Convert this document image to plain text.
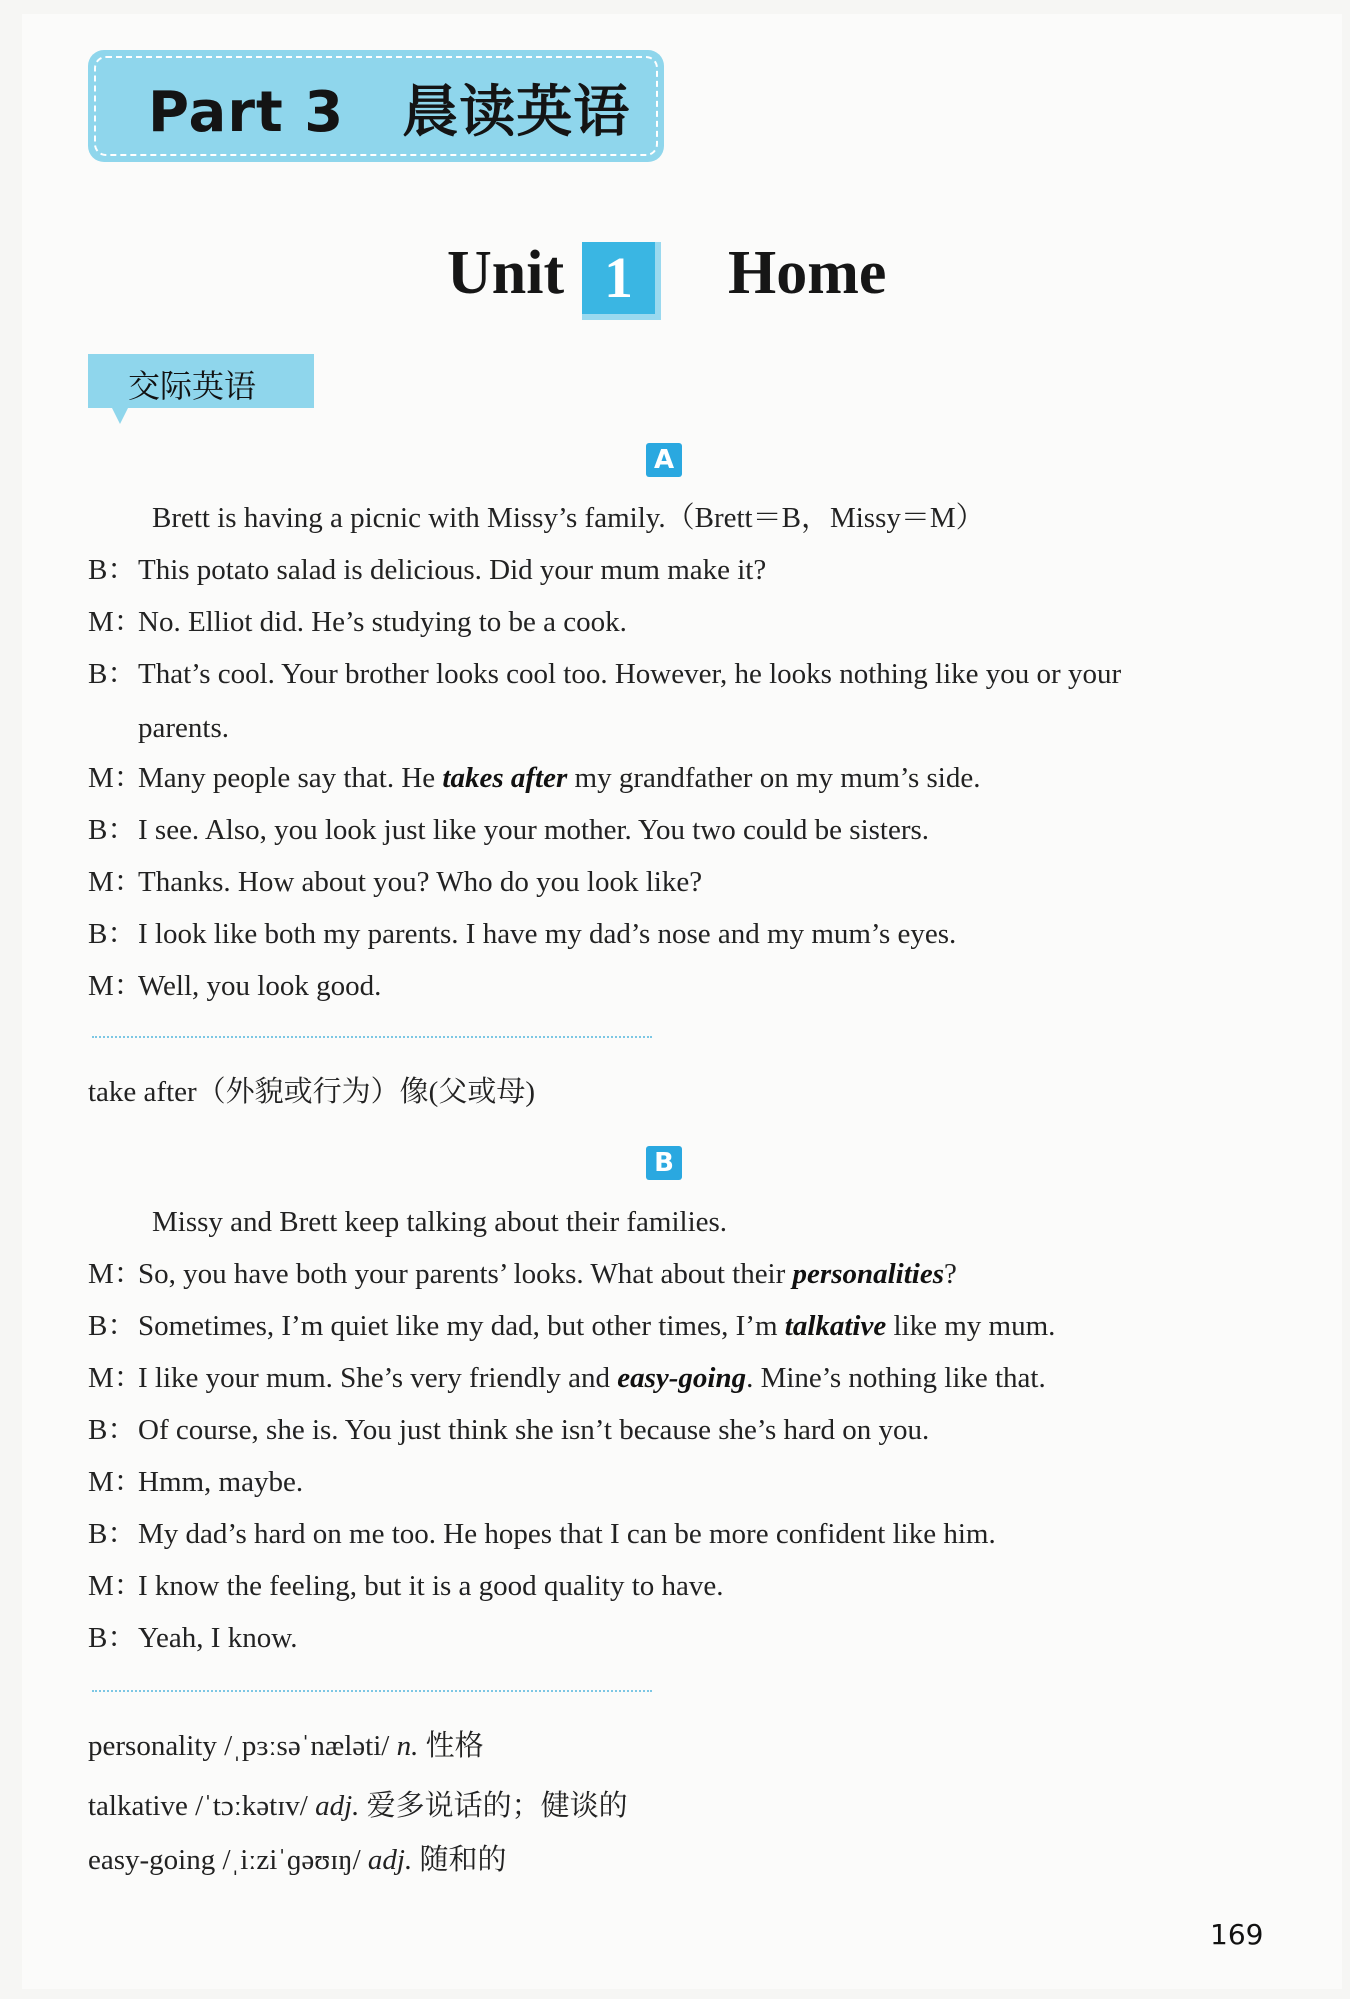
Part 3 晨读英语
Unit 1	Home
交际英语
A
Brett is having a picnic with Missy’s family.（Brett＝B，Missy＝M）
B：This potato salad is delicious. Did your mum make it?
M：No. Elliot did. He’s studying to be a cook.
B：That’s cool. Your brother looks cool too. However, he looks nothing like you or your
parents.
M：Many people say that. He takes after my grandfather on my mum’s side.
B：I see. Also, you look just like your mother. You two could be sisters.
M：Thanks. How about you? Who do you look like?
B：I look like both my parents. I have my dad’s nose and my mum’s eyes.
M：Well, you look good.
take after（外貌或行为）像(父或母)
B
Missy and Brett keep talking about their families.
M：So, you have both your parents’ looks. What about their personalities?
B：Sometimes, I’m quiet like my dad, but other times, I’m talkative like my mum.
M：I like your mum. She’s very friendly and easy-going. Mine’s nothing like that.
B：Of course, she is. You just think she isn’t because she’s hard on you.
M：Hmm, maybe.
B：My dad’s hard on me too. He hopes that I can be more confident like him.
M：I know the feeling, but it is a good quality to have.
B：Yeah, I know.
personality /ˌpɜːsəˈnæləti/ n. 性格
talkative /ˈtɔːkətɪv/ adj. 爱多说话的；健谈的
easy-going /ˌiːziˈɡəʊɪŋ/ adj. 随和的
169
